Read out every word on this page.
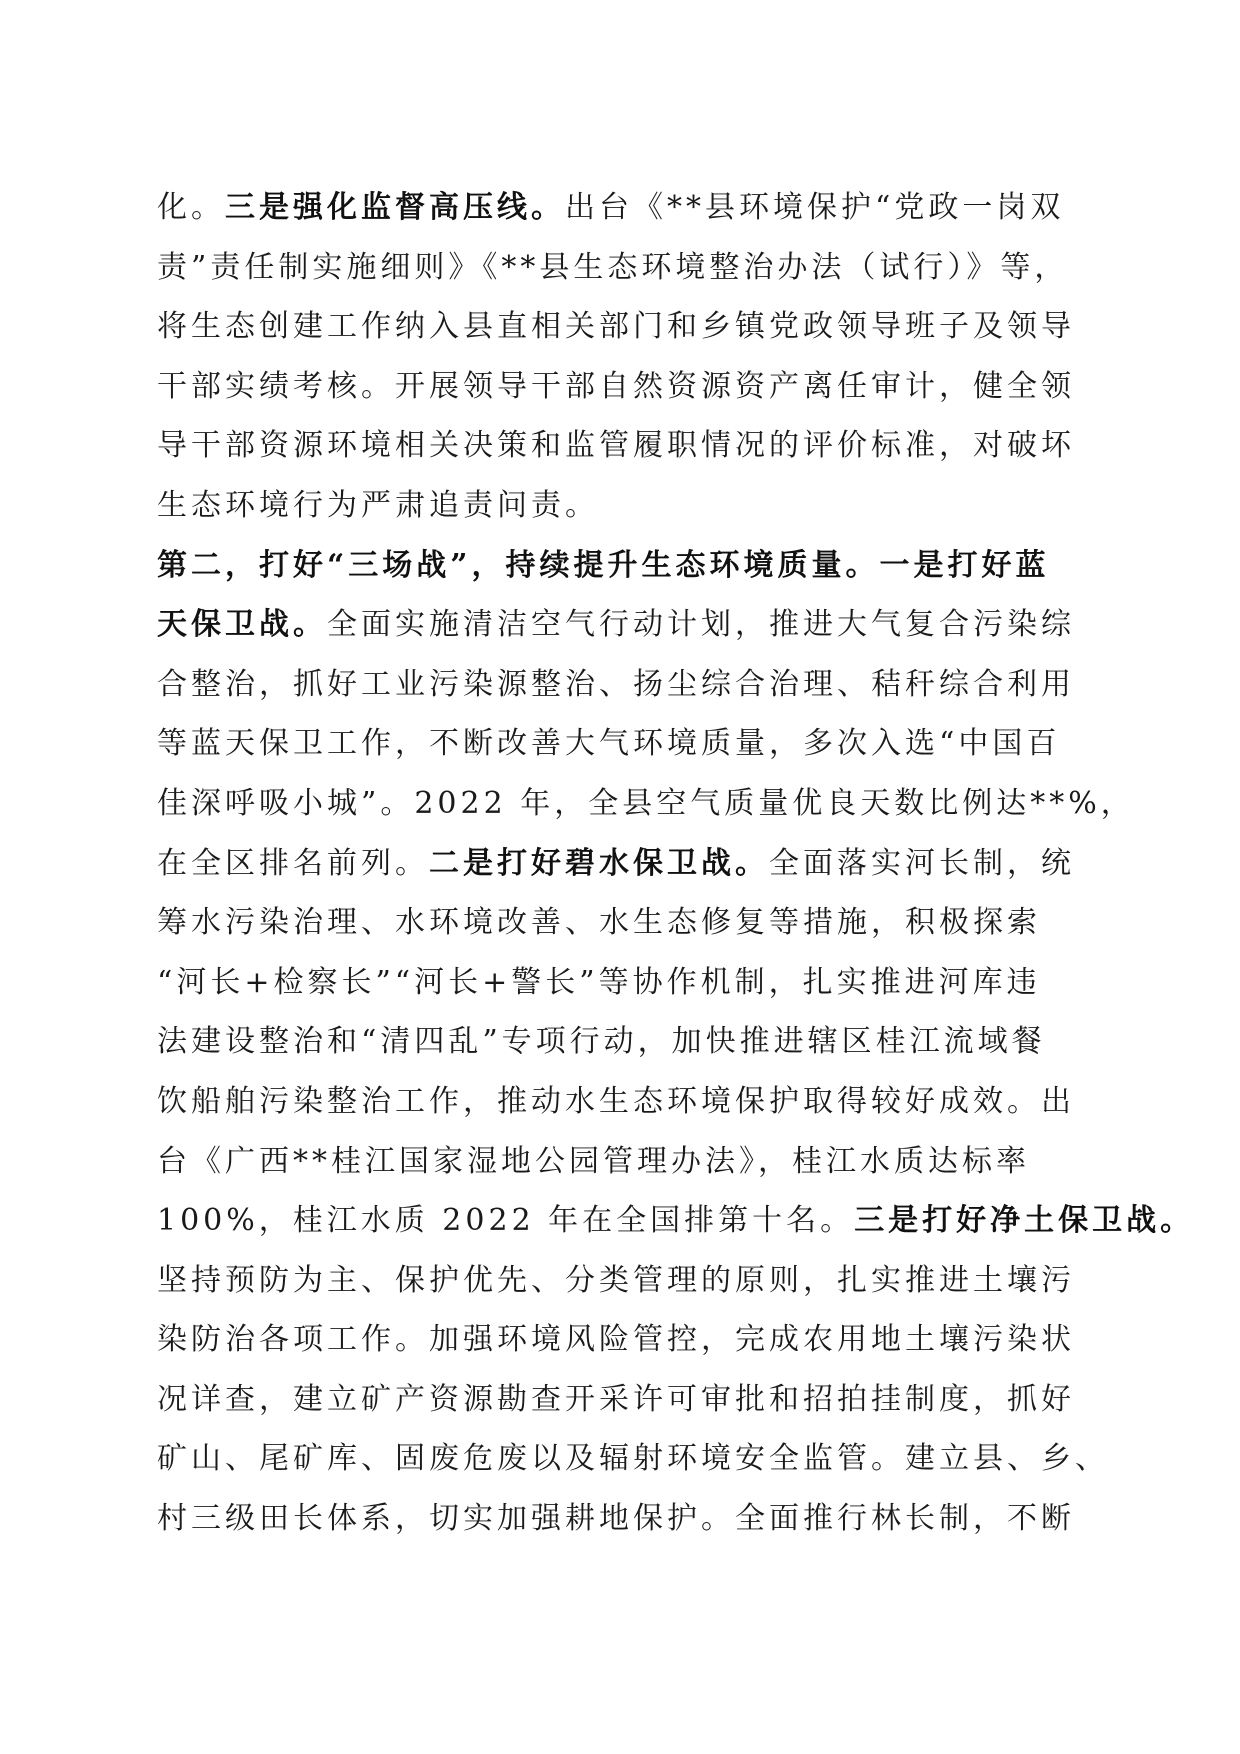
化。三是强化监督高压线。出台《**县环境保护“党政一岗双
责”责任制实施细则》《**县生态环境整治办法（试行）》等，
将生态创建工作纳入县直相关部门和乡镇党政领导班子及领导
干部实绩考核。开展领导干部自然资源资产离任审计，健全领
导干部资源环境相关决策和监管履职情况的评价标准，对破坏
生态环境行为严肃追责问责。
第二，打好“三场战”，持续提升生态环境质量。一是打好蓝
天保卫战。全面实施清洁空气行动计划，推进大气复合污染综
合整治，抓好工业污染源整治、扬尘综合治理、秸秆综合利用
等蓝天保卫工作，不断改善大气环境质量，多次入选“中国百
佳深呼吸小城”。2022 年，全县空气质量优良天数比例达**%，
在全区排名前列。二是打好碧水保卫战。全面落实河长制，统
筹水污染治理、水环境改善、水生态修复等措施，积极探索
“河长+检察长”“河长+警长”等协作机制，扎实推进河库违
法建设整治和“清四乱”专项行动，加快推进辖区桂江流域餐
饮船舶污染整治工作，推动水生态环境保护取得较好成效。出
台《广西**桂江国家湿地公园管理办法》，桂江水质达标率
100%，桂江水质 2022 年在全国排第十名。三是打好净土保卫战。
坚持预防为主、保护优先、分类管理的原则，扎实推进土壤污
染防治各项工作。加强环境风险管控，完成农用地土壤污染状
况详查，建立矿产资源勘查开采许可审批和招拍挂制度，抓好
矿山、尾矿库、固废危废以及辐射环境安全监管。建立县、乡、
村三级田长体系，切实加强耕地保护。全面推行林长制，不断
